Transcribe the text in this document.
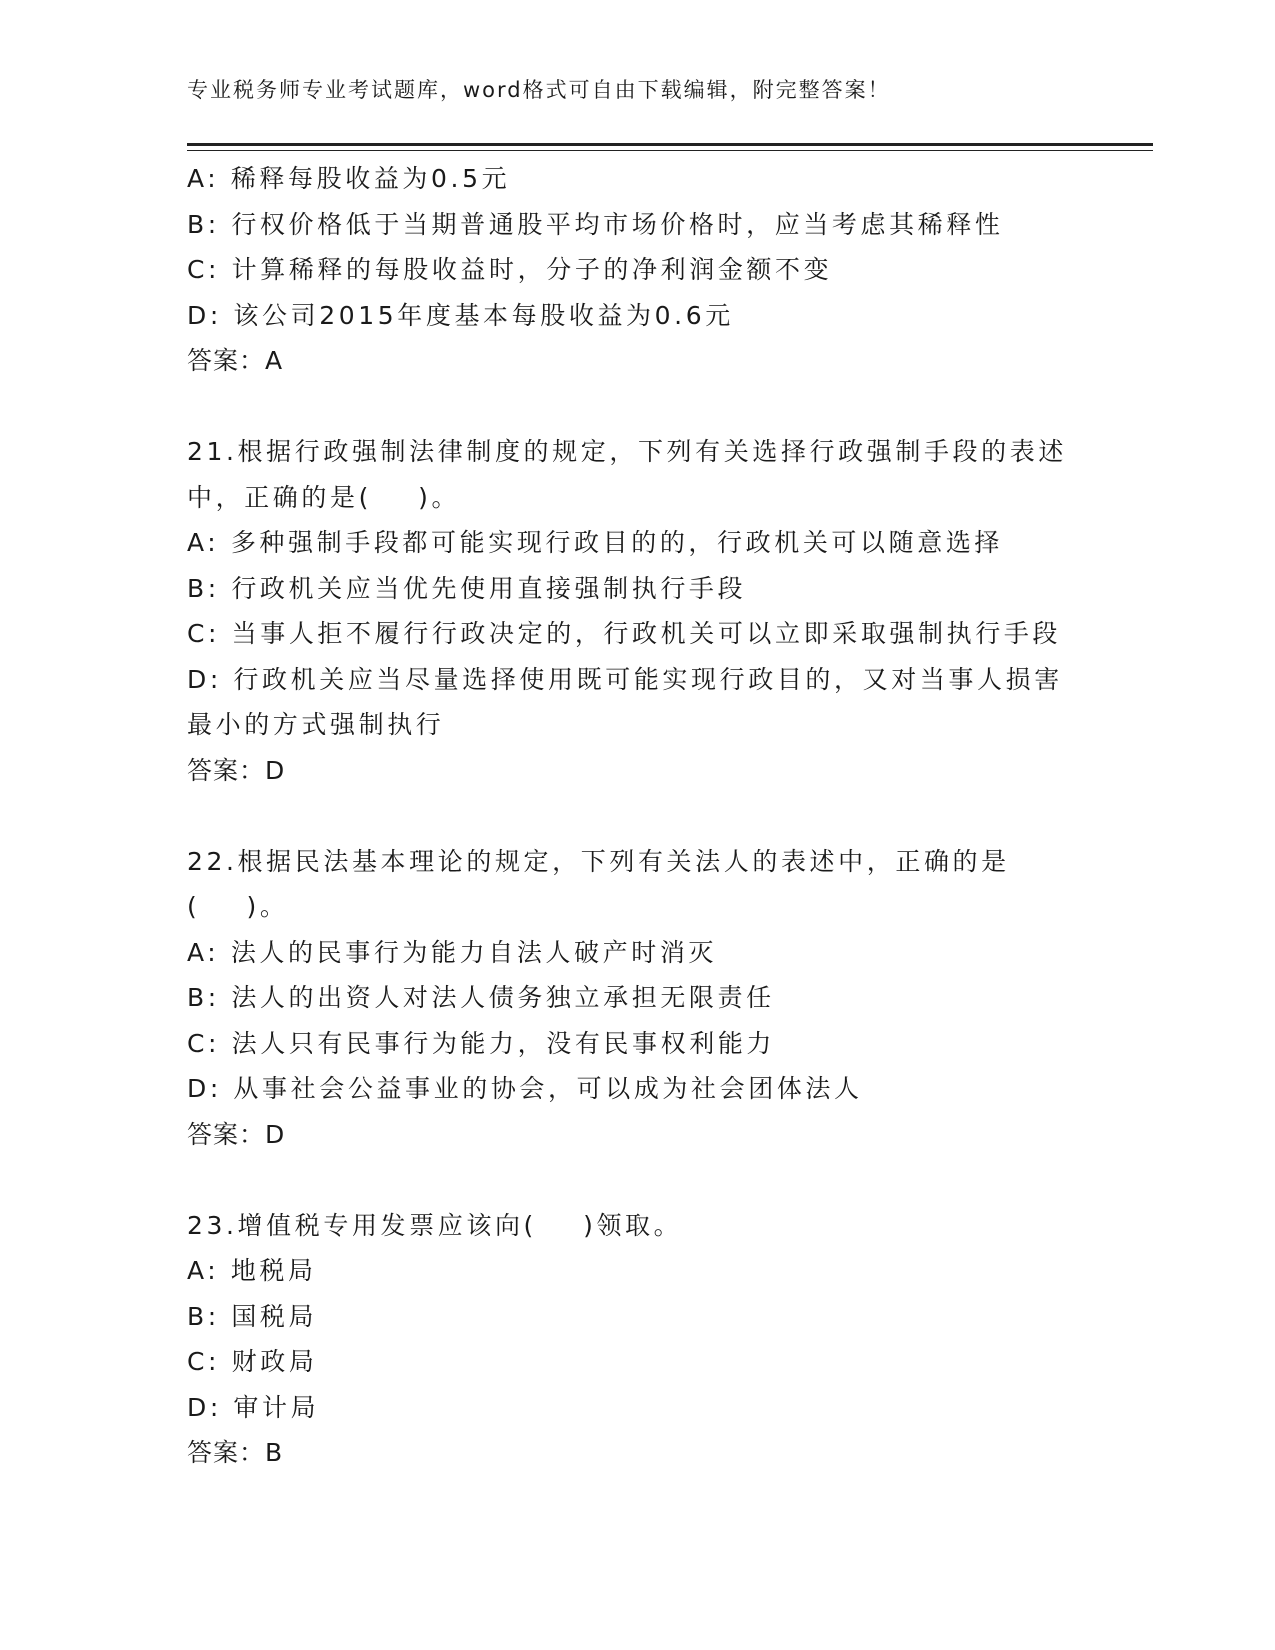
专业税务师专业考试题库，word格式可自由下载编辑，附完整答案！
A: 稀释每股收益为0.5元
B: 行权价格低于当期普通股平均市场价格时，应当考虑其稀释性
C: 计算稀释的每股收益时，分子的净利润金额不变
D: 该公司2015年度基本每股收益为0.6元
答案：A
21.根据行政强制法律制度的规定，下列有关选择行政强制手段的表述
中，正确的是(    )。
A: 多种强制手段都可能实现行政目的的，行政机关可以随意选择
B: 行政机关应当优先使用直接强制执行手段
C: 当事人拒不履行行政决定的，行政机关可以立即采取强制执行手段
D: 行政机关应当尽量选择使用既可能实现行政目的，又对当事人损害
最小的方式强制执行
答案：D
22.根据民法基本理论的规定，下列有关法人的表述中，正确的是
(    )。
A: 法人的民事行为能力自法人破产时消灭
B: 法人的出资人对法人债务独立承担无限责任
C: 法人只有民事行为能力，没有民事权利能力
D: 从事社会公益事业的协会，可以成为社会团体法人
答案：D
23.增值税专用发票应该向(    )领取。
A: 地税局
B: 国税局
C: 财政局
D: 审计局
答案：B
